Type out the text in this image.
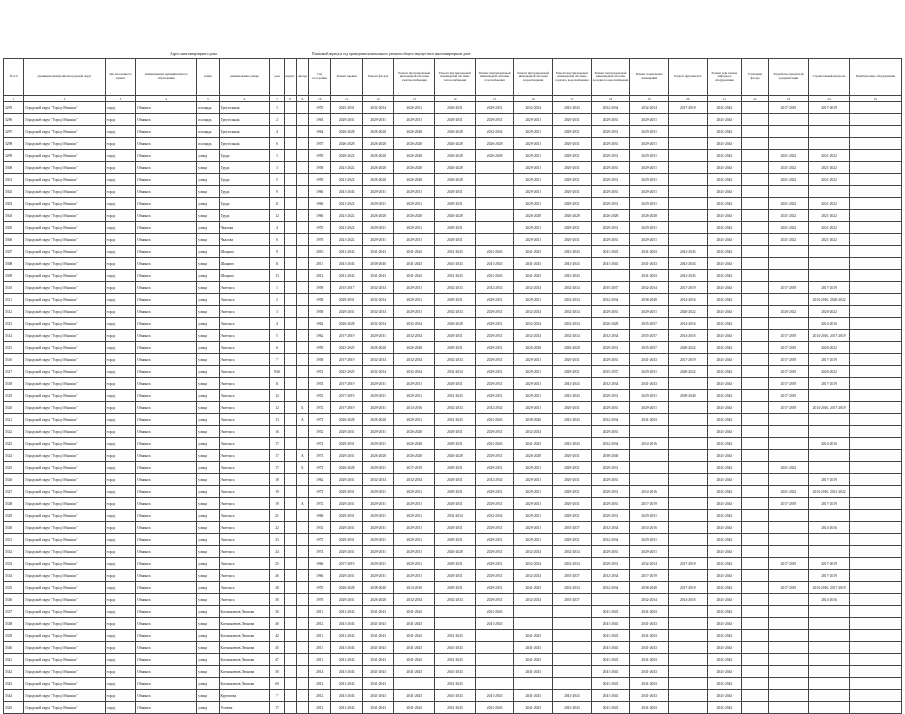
Адрес многоквартирного дома	Плановый период и год проведения капитального ремонта общего имущества в многоквартирном доме
№ п/п	муниципальный район/городской округ	тип населенного пункта	наименование муниципального образования	улица	наименование улицы	дом	корпус	литера	Год постройки	Ремонт крыши	Ремонт фасада	Ремонт внутридомовой инженерной системы электроснабжения	Ремонт внутридомовой инженерной системы теплоснабжения	Ремонт внутридомовой инженерной системы газоснабжения	Ремонт внутридомовой инженерной системы водоотведения	Ремонт внутридомовой инженерной системы горячего водоснабжения	Ремонт внутридомовой инженерной системы холодного водоснабжения	Ремонт подвальных помещений	Ремонт фундамента	Ремонт или замена лифтового оборудования	Утепление фасада	Разработка проектной документации	Строительный контроль	Приобретение оборудования
1	2	3	4	5	6	7	8	9	10	11	12	13	14	15	16	17	18	19	20	21	22	23	24	25
3295	Городской округ "Город Обнинск"	город	Обнинск	площадь	Треугольная	1			1970	2025-2031	2032-2034	2026-2031	2026-2031	2029-2031	2032-2034	2041-2043	2032-2034	2032-2034	2017-2019	2041-2043		2017-2019	2017-2019	
3296	Городской округ "Город Обнинск"	город	Обнинск	площадь	Треугольная	2			1963	2029-2031	2029-2031	2029-2031	2029-2031	2029-2031	2029-2031	2029-2031	2029-2031	2029-2031		2041-2043				
3297	Городской округ "Город Обнинск"	город	Обнинск	площадь	Треугольная	4			1964	2026-2028	2026-2028	2026-2028	2026-2028	2032-2034	2029-2031	2029-2031	2029-2031	2029-2031		2041-2043				
3298	Городской округ "Город Обнинск"	город	Обнинск	площадь	Треугольная	6			1957	2026-2028	2026-2028	2026-2028	2026-2028	2026-2028	2029-2031	2029-2031	2029-2031	2029-2031		2041-2043				
3299	Городской округ "Город Обнинск"	город	Обнинск	улица	Труда	1			1959	2020-2022	2026-2028	2026-2028	2026-2028	2026-2028	2029-2031	2029-2031	2029-2031	2029-2031		2041-2043		2021-2022	2021-2022	
3300	Городской округ "Город Обнинск"	город	Обнинск	улица	Труда	3			1958	2021-2022	2026-2028	2026-2028	2026-2028		2029-2031	2029-2031	2029-2031	2029-2031		2041-2043		2021-2022	2021-2022	
3301	Городской округ "Город Обнинск"	город	Обнинск	улица	Труда	5			1959	2021-2022	2026-2028	2026-2028	2026-2028		2029-2031	2029-2031	2029-2031	2029-2031		2041-2043		2021-2022	2021-2022	
3302	Городской округ "Город Обнинск"	город	Обнинск	улица	Труда	9			1960	2041-2043	2029-2031	2029-2031	2029-2031		2029-2031	2029-2031	2029-2031	2029-2031		2041-2043				
3303	Городской округ "Город Обнинск"	город	Обнинск	улица	Труда	11			1960	2021-2022	2029-2031	2029-2031	2029-2031		2029-2031	2029-2031	2029-2031	2029-2031		2041-2043		2021-2022	2021-2022	
3304	Городской округ "Город Обнинск"	город	Обнинск	улица	Труда	12			1960	2021-2022	2026-2028	2026-2028	2026-2028		2026-2028	2026-2028	2026-2028	2026-2028		2041-2043		2021-2022	2021-2022	
3305	Городской округ "Город Обнинск"	город	Обнинск	улица	Чкалова	4			1970	2021-2022	2029-2031	2029-2031	2029-2031		2029-2031	2029-2031	2029-2031	2029-2031		2041-2043		2021-2022	2021-2022	
3306	Городской округ "Город Обнинск"	город	Обнинск	улица	Чкалова	6			1970	2021-2022	2029-2031	2029-2031	2029-2031		2029-2031	2029-2031	2029-2031	2029-2031		2041-2043		2021-2022	2021-2022	
3307	Городской округ "Город Обнинск"	город	Обнинск	улица	Шацкого	9			2010	2041-2043	2041-2043	2041-2043	2041-2043	2041-2043	2041-2043	2041-2043	2041-2043	2041-2043	2041-2043	2041-2043				
3308	Городской округ "Город Обнинск"	город	Обнинск	улица	Шацкого	11			2011	2041-2043	2038-2040	2041-2043	2041-2043	2041-2043	2041-2043	2041-2043	2041-2043	2041-2043	2041-2043	2041-2043				
3309	Городской округ "Город Обнинск"	город	Обнинск	улица	Шацкого	13			2012	2041-2043	2041-2043	2041-2043	2041-2043	2041-2043	2041-2043	2041-2043		2041-2043	2041-2043	2041-2043				
3310	Городской округ "Город Обнинск"	город	Обнинск	улица	Энгельса	1			1959	2015-2017	2032-2034	2029-2031	2032-2033	2032-2033	2032-2034	2032-2034	2035-2037	2032-2034	2017-2019	2041-2043		2017-2019	2017-2019	
3311	Городской округ "Город Обнинск"	город	Обнинск	улица	Энгельса	2			1958	2029-2031	2032-2034	2029-2031	2029-2031	2029-2031	2029-2031	2032-2034	2032-2034	2038-2040	2014-2016	2041-2043			2014-2016, 2020-2022	
3312	Городской округ "Город Обнинск"	город	Обнинск	улица	Энгельса	3			1958	2029-2031	2032-2034	2029-2031	2032-2034	2029-2031	2032-2034	2032-2034	2029-2031	2029-2031	2020-2022	2041-2043		2020-2022	2020-2022	
3313	Городской округ "Город Обнинск"	город	Обнинск	улица	Энгельса	4			1962	2026-2028	2032-2034	2032-2034	2026-2028	2029-2031	2032-2034	2032-2034	2026-2028	2035-2037	2014-2016	2041-2043			2014-2016	
3314	Городской округ "Город Обнинск"	город	Обнинск	улица	Энгельса	5			1962	2017-2019	2029-2031	2032-2034	2029-2031	2029-2031	2032-2034	2032-2034	2032-2034	2035-2037	2014-2016	2041-2043		2017-2019	2014-2016, 2017-2019	
3315	Городской округ "Город Обнинск"	город	Обнинск	улица	Энгельса	6			1959	2023-2025	2026-2028	2026-2028	2029-2031	2029-2031	2026-2028	2026-2028	2029-2031	2035-2037	2020-2022	2041-2043		2017-2019	2020-2022	
3316	Городской округ "Город Обнинск"	город	Обнинск	улица	Энгельса	7			1958	2017-2019	2032-2034	2032-2034	2032-2034	2029-2031	2029-2031	2029-2031	2029-2031	2041-2043	2017-2019	2041-2043		2017-2019	2017-2019	
3317	Городской округ "Город Обнинск"	город	Обнинск	улица	Энгельса	9/26			1951	2023-2025	2032-2034	2032-2034	2032-2034	2029-2031	2029-2031	2029-2031	2035-2037	2029-2031	2020-2022	2041-2043		2017-2019	2020-2022	
3318	Городской округ "Город Обнинск"	город	Обнинск	улица	Энгельса	11			1953	2017-2019	2029-2031	2029-2031	2029-2031	2029-2031	2029-2031	2041-2043	2032-2034	2041-2043		2041-2043		2017-2019	2017-2019	
3319	Городской округ "Город Обнинск"	город	Обнинск	улица	Энгельса	12			1953	2017-2019	2029-2031	2029-2031	2041-2043	2029-2031	2029-2031	2041-2043	2029-2031	2029-2031	2038-2040	2041-2043		2017-2019		
3320	Городской округ "Город Обнинск"	город	Обнинск	улица	Энгельса	12		Б	1972	2017-2019	2029-2031	2014-2016	2032-2034	2032-2034	2029-2031	2029-2031	2029-2031	2029-2031		2041-2043		2017-2019	2014-2016, 2017-2019	
3321	Городской округ "Город Обнинск"	город	Обнинск	улица	Энгельса	13		А	1973	2026-2028	2026-2028	2029-2031	2041-2043	2041-2043	2038-2040	2041-2043	2032-2034	2041-2043		2041-2043				
3322	Городской округ "Город Обнинск"	город	Обнинск	улица	Энгельса	16			1952	2029-2031	2029-2031	2026-2028	2029-2031	2029-2031	2032-2034		2029-2031			2041-2043				
3323	Городской округ "Город Обнинск"	город	Обнинск	улица	Энгельса	17			1972	2029-2031	2029-2031	2026-2028	2029-2031	2041-2043	2041-2043	2041-2043	2032-2034	2014-2016		2041-2043			2014-2016	
3324	Городской округ "Город Обнинск"	город	Обнинск	улица	Энгельса	17		А	1973	2029-2031	2026-2028	2026-2028	2026-2028	2029-2031	2026-2028	2029-2031	2038-2040			2041-2043				
3325	Городской округ "Город Обнинск"	город	Обнинск	улица	Энгельса	17		Б	1973	2026-2028	2029-2031	2017-2019	2029-2031	2029-2031	2029-2031	2029-2031	2029-2031			2041-2043		2021-2022		
3326	Городской округ "Город Обнинск"	город	Обнинск	улица	Энгельса	18			1962	2029-2031	2032-2034	2032-2034	2029-2031	2032-2034	2029-2031	2029-2031	2029-2031			2041-2043			2017-2019	
3327	Городской округ "Город Обнинск"	город	Обнинск	улица	Энгельса	19			1973	2029-2031	2029-2031	2029-2031	2029-2031	2029-2031	2029-2031	2029-2031	2029-2031	2014-2016		2041-2043		2021-2022	2014-2016, 2021-2022	
3328	Городской округ "Город Обнинск"	город	Обнинск	улица	Энгельса	19		А	1972	2029-2031	2029-2031	2029-2031	2029-2031	2029-2031	2029-2031	2029-2031	2029-2031	2017-2019		2041-2043		2017-2019	2017-2019	
3329	Городской округ "Город Обнинск"	город	Обнинск	улица	Энгельса	21			1968	2029-2031	2029-2031	2029-2031	2032-2034	2032-2034	2029-2031	2029-2031	2029-2031	2029-2031		2041-2043				
3330	Городской округ "Город Обнинск"	город	Обнинск	улица	Энгельса	22			1931	2029-2031	2029-2031	2029-2031	2029-2031	2029-2031	2029-2031	2035-2037	2032-2034	2014-2016		2041-2043			2014-2016	
3331	Городской округ "Город Обнинск"	город	Обнинск	улица	Энгельса	23			1975	2029-2031	2029-2031	2029-2031	2029-2031	2029-2031	2029-2031	2029-2031	2032-2034	2029-2031		2041-2043				
3332	Городской округ "Город Обнинск"	город	Обнинск	улица	Энгельса	24			1974	2029-2031	2029-2031	2029-2031	2026-2028	2029-2031	2032-2034	2032-2034	2029-2031	2029-2031		2041-2043				
3333	Городской округ "Город Обнинск"	город	Обнинск	улица	Энгельса	25			1966	2017-2019	2029-2031	2029-2031	2029-2031	2029-2031	2032-2034	2032-2034	2029-2031	2032-2034	2017-2019	2041-2043		2017-2019	2017-2019	
3334	Городской округ "Город Обнинск"	город	Обнинск	улица	Энгельса	26			1966	2029-2031	2029-2031	2029-2031	2029-2031	2029-2031	2032-2034	2035-2037	2032-2034	2017-2019		2041-2043			2017-2019	
3335	Городской округ "Город Обнинск"	город	Обнинск	улица	Энгельса	28			1970	2026-2028	2038-2040	2014-2016	2029-2031	2029-2031	2041-2043	2032-2034	2032-2034	2038-2040	2017-2019	2041-2043		2017-2019	2014-2016, 2017-2019	
3336	Городской округ "Город Обнинск"	город	Обнинск	улица	Энгельса	30			1970	2029-2031	2026-2028	2032-2034	2032-2034	2029-2031	2032-2034	2035-2037		2032-2034	2014-2016	2041-2043			2014-2016	
3337	Городской округ "Город Обнинск"	город	Обнинск	улица	Космонавтов Леонова	36			2011	2041-2043	2041-2043	2041-2043		2041-2043			2041-2043	2041-2043		2041-2043				
3338	Городской округ "Город Обнинск"	город	Обнинск	улица	Космонавтов Леонова	40			2012	2041-2043	2041-2043	2041-2043		2041-2043			2041-2043	2041-2043		2041-2043				
3339	Городской округ "Город Обнинск"	город	Обнинск	улица	Космонавтов Леонова	42			2011	2041-2043	2041-2043	2041-2043	2041-2043		2041-2043		2041-2043	2041-2043		2041-2043				
3340	Городской округ "Город Обнинск"	город	Обнинск	улица	Космонавтов Леонова	45			2011	2041-2043	2041-2043	2041-2043	2041-2043		2041-2043		2041-2043	2041-2043		2041-2043				
3341	Городской округ "Город Обнинск"	город	Обнинск	улица	Космонавтов Леонова	47			2011	2041-2043	2041-2043	2041-2043	2041-2043		2041-2043		2041-2043	2041-2043		2041-2043				
3342	Городской округ "Город Обнинск"	город	Обнинск	улица	Космонавтов Леонова	50			2014	2041-2043	2041-2043	2041-2043	2041-2043		2041-2043		2041-2043	2041-2043		2041-2043				
3343	Городской округ "Город Обнинск"	город	Обнинск	улица	Космонавтов Леонова	60			2012	2041-2043	2041-2043		2041-2043				2041-2043	2041-2043		2041-2043				
3344	Городской округ "Город Обнинск"	город	Обнинск	улица	Курчатова	7			2012	2041-2043	2041-2043	2041-2043	2041-2043	2041-2043	2041-2043	2041-2043	2041-2043	2041-2043		2041-2043				
3345	Городской округ "Город Обнинск"	город	Обнинск	улица	Усачева	17			2013	2041-2043	2041-2043	2041-2043	2041-2043	2041-2043	2041-2043	2041-2043	2041-2043	2041-2043		2041-2043				
